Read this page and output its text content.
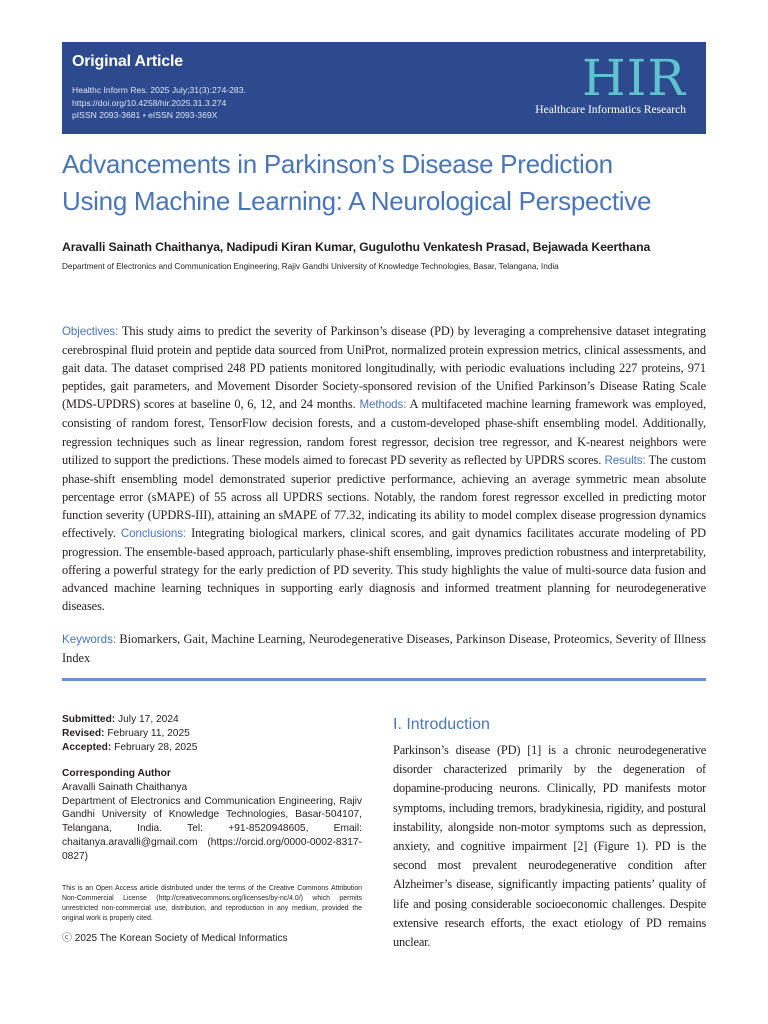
Original Article
Healthc Inform Res. 2025 July;31(3):274-283.
https://doi.org/10.4258/hir.2025.31.3.274
pISSN 2093-3681 • eISSN 2093-369X
HIR
Healthcare Informatics Research
Advancements in Parkinson’s Disease Prediction
Using Machine Learning: A Neurological Perspective
Aravalli Sainath Chaithanya, Nadipudi Kiran Kumar, Gugulothu Venkatesh Prasad, Bejawada Keerthana
Department of Electronics and Communication Engineering, Rajiv Gandhi University of Knowledge Technologies, Basar, Telangana, India
Objectives: This study aims to predict the severity of Parkinson’s disease (PD) by leveraging a comprehensive dataset integrating cerebrospinal fluid protein and peptide data sourced from UniProt, normalized protein expression metrics, clinical assessments, and gait data. The dataset comprised 248 PD patients monitored longitudinally, with periodic evaluations including 227 proteins, 971 peptides, gait parameters, and Movement Disorder Society-sponsored revision of the Unified Parkinson’s Disease Rating Scale (MDS-UPDRS) scores at baseline 0, 6, 12, and 24 months. Methods: A multifaceted machine learning framework was employed, consisting of random forest, TensorFlow decision forests, and a custom-developed phase-shift ensembling model. Additionally, regression techniques such as linear regression, random forest regressor, decision tree regressor, and K-nearest neighbors were utilized to support the predictions. These models aimed to forecast PD severity as reflected by UPDRS scores. Results: The custom phase-shift ensembling model demonstrated superior predictive performance, achieving an average symmetric mean absolute percentage error (sMAPE) of 55 across all UPDRS sections. Notably, the random forest regressor excelled in predicting motor function severity (UPDRS-III), attaining an sMAPE of 77.32, indicating its ability to model complex disease progression dynamics effectively. Conclusions: Integrating biological markers, clinical scores, and gait dynamics facilitates accurate modeling of PD progression. The ensemble-based approach, particularly phase-shift ensembling, improves prediction robustness and interpretability, offering a powerful strategy for the early prediction of PD severity. This study highlights the value of multi-source data fusion and advanced machine learning techniques in supporting early diagnosis and informed treatment planning for neurodegenerative diseases.
Keywords: Biomarkers, Gait, Machine Learning, Neurodegenerative Diseases, Parkinson Disease, Proteomics, Severity of Illness Index
Submitted: July 17, 2024
Revised: February 11, 2025
Accepted: February 28, 2025
Corresponding Author
Aravalli Sainath Chaithanya
Department of Electronics and Communication Engineering, Rajiv Gandhi University of Knowledge Technologies, Basar-504107, Telangana, India. Tel: +91-8520948605, Email: chaitanya.aravalli@gmail.com (https://orcid.org/0000-0002-8317-0827)
This is an Open Access article distributed under the terms of the Creative Commons Attribution Non-Commercial License (http://creativecommons.org/licenses/by-nc/4.0/) which permits unrestricted non-commercial use, distribution, and reproduction in any medium, provided the original work is properly cited.
ⓒ 2025 The Korean Society of Medical Informatics
I. Introduction
Parkinson’s disease (PD) [1] is a chronic neurodegenerative disorder characterized primarily by the degeneration of dopamine-producing neurons. Clinically, PD manifests motor symptoms, including tremors, bradykinesia, rigidity, and postural instability, alongside non-motor symptoms such as depression, anxiety, and cognitive impairment [2] (Figure 1). PD is the second most prevalent neurodegenerative condition after Alzheimer’s disease, significantly impacting patients’ quality of life and posing considerable socioeconomic challenges. Despite extensive research efforts, the exact etiology of PD remains unclear.
